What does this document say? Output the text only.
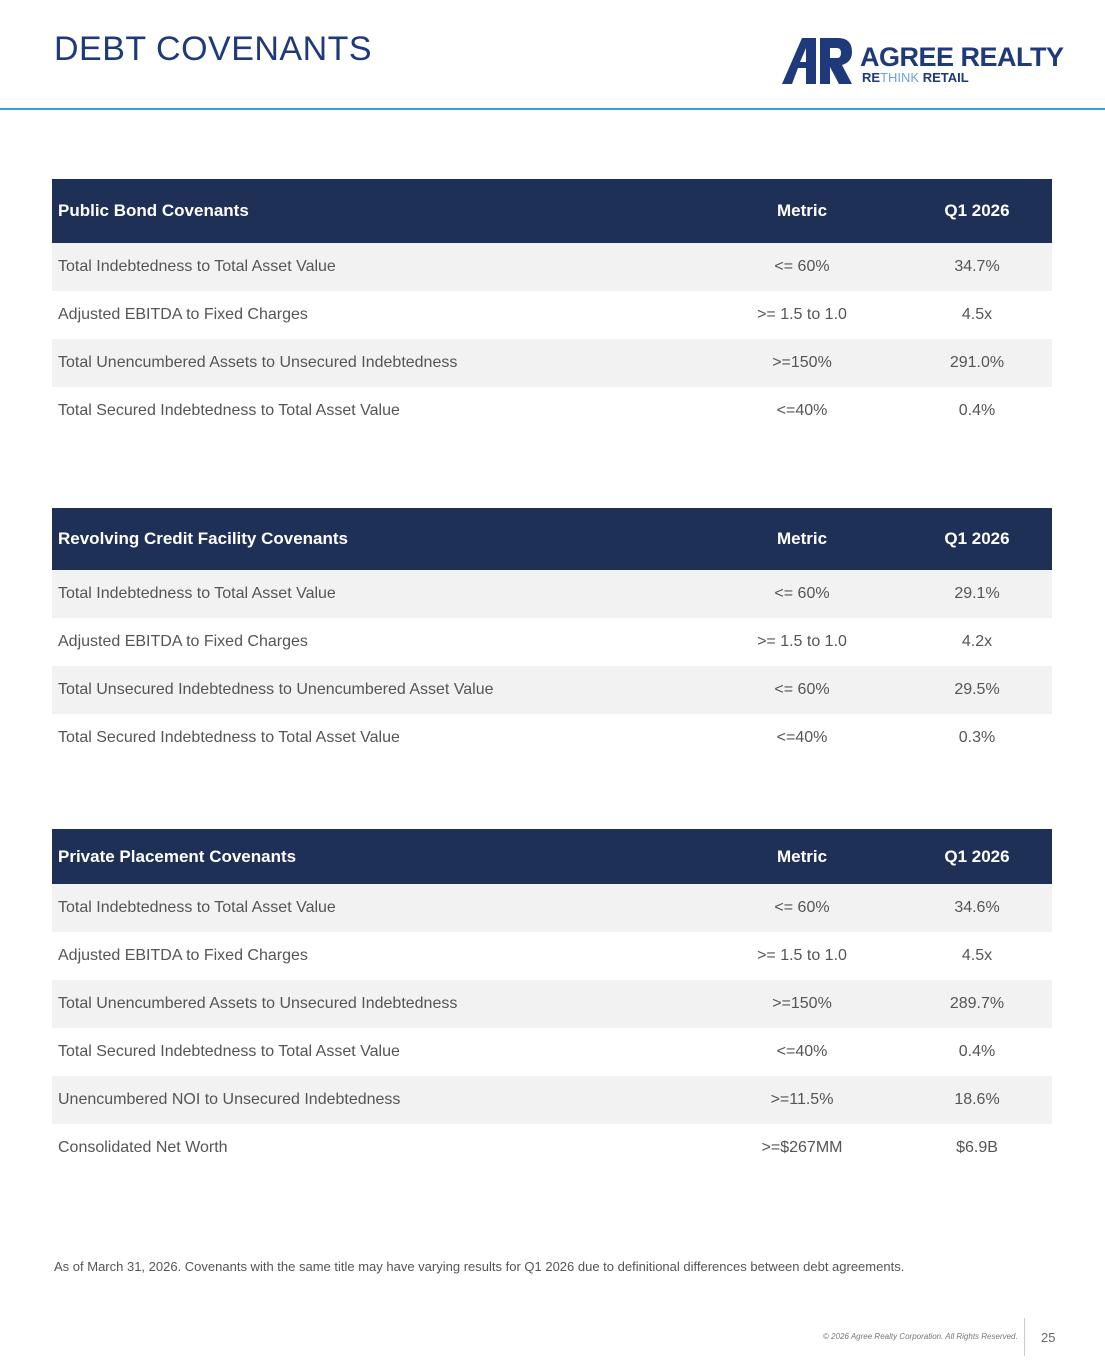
DEBT COVENANTS	AGREE REALTY
RETHINK RETAIL
Public Bond Covenants	Metric	Q1 2026
Total Indebtedness to Total Asset Value	<= 60%	34.7%
Adjusted EBITDA to Fixed Charges	>= 1.5 to 1.0	4.5x
Total Unencumbered Assets to Unsecured Indebtedness	>=150%	291.0%
Total Secured Indebtedness to Total Asset Value	<=40%	0.4%
Revolving Credit Facility Covenants	Metric	Q1 2026
Total Indebtedness to Total Asset Value	<= 60%	29.1%
Adjusted EBITDA to Fixed Charges	>= 1.5 to 1.0	4.2x
Total Unsecured Indebtedness to Unencumbered Asset Value	<= 60%	29.5%
Total Secured Indebtedness to Total Asset Value	<=40%	0.3%
Private Placement Covenants	Metric	Q1 2026
Total Indebtedness to Total Asset Value	<= 60%	34.6%
Adjusted EBITDA to Fixed Charges	>= 1.5 to 1.0	4.5x
Total Unencumbered Assets to Unsecured Indebtedness	>=150%	289.7%
Total Secured Indebtedness to Total Asset Value	<=40%	0.4%
Unencumbered NOI to Unsecured Indebtedness	>=11.5%	18.6%
Consolidated Net Worth	>=$267MM	$6.9B
As of March 31, 2026. Covenants with the same title may have varying results for Q1 2026 due to definitional differences between debt agreements.
© 2026 Agree Realty Corporation. All Rights Reserved. 25
